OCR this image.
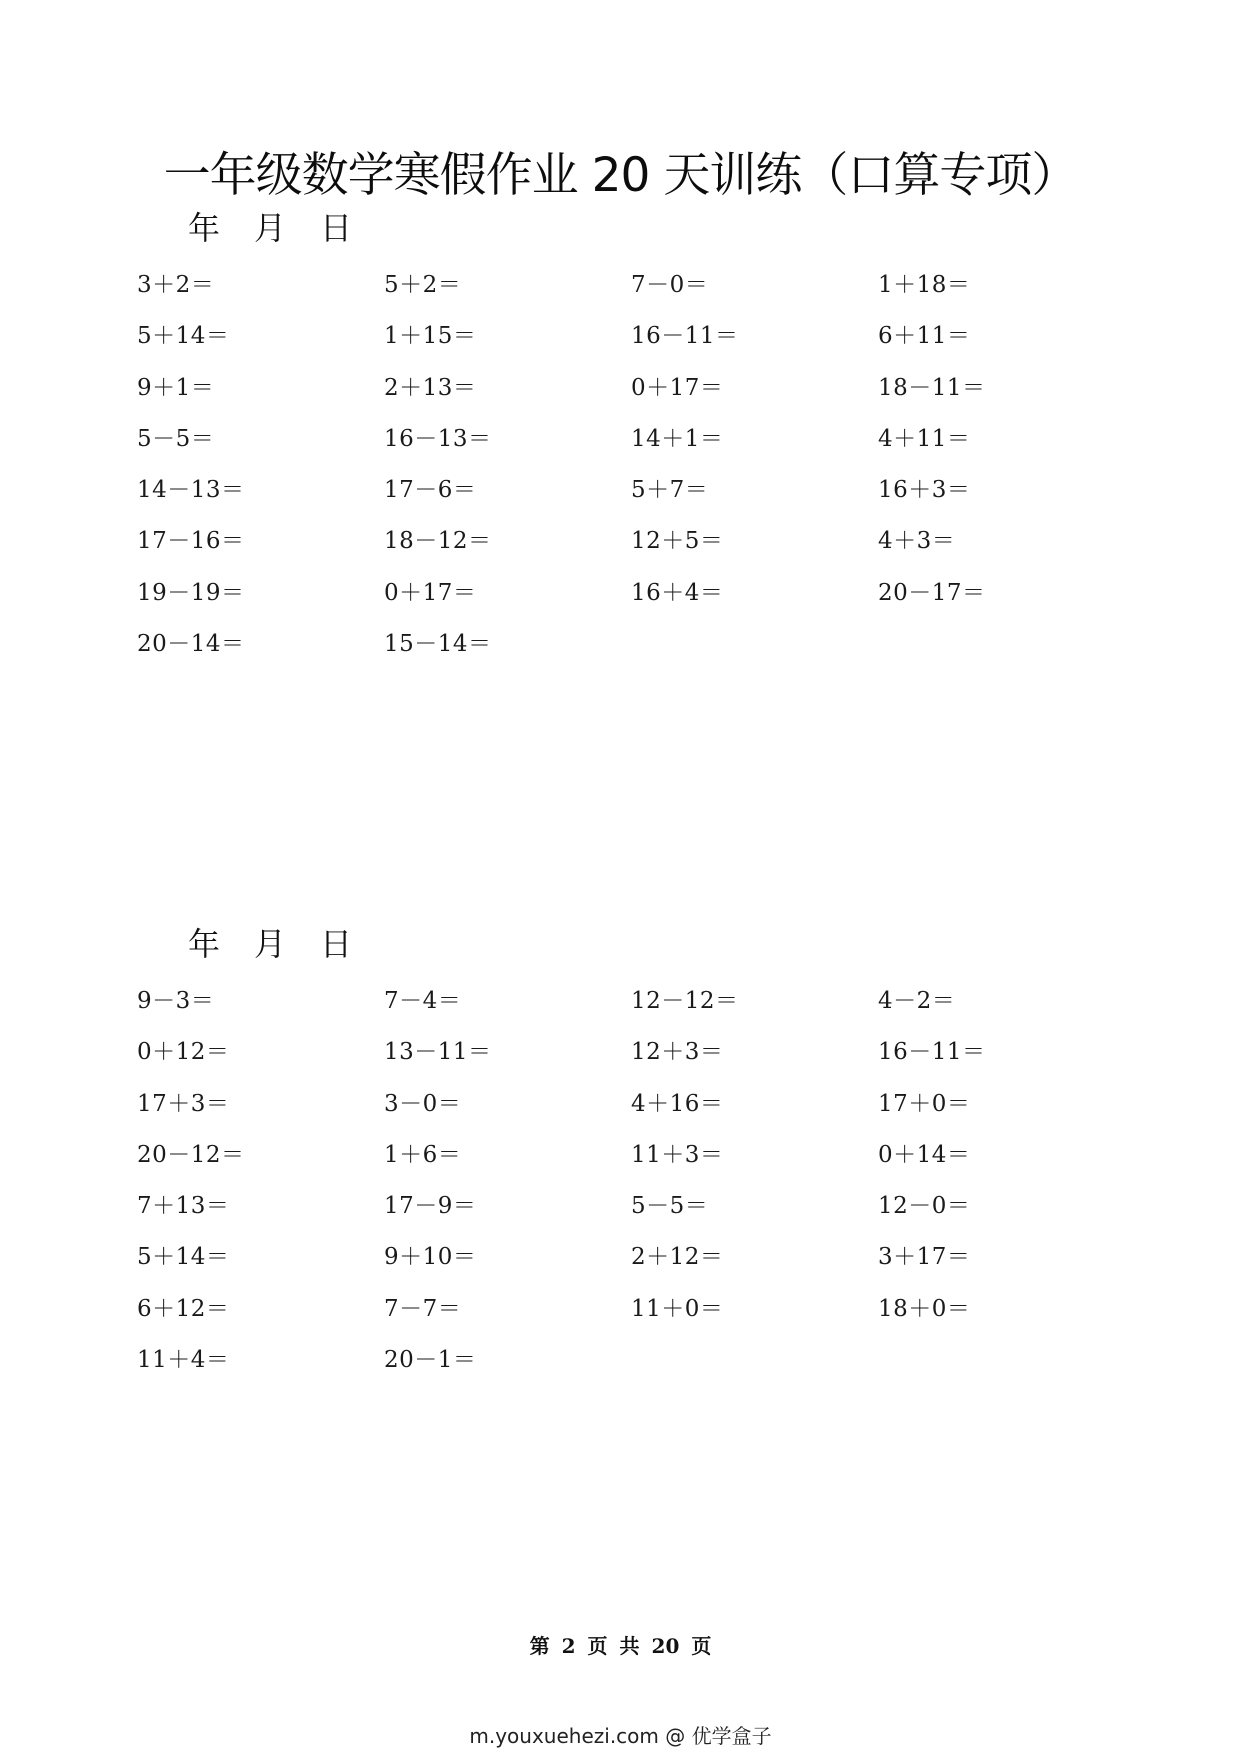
一年级数学寒假作业 20 天训练（口算专项）
年 月 日
3＋2＝	5＋2＝	7－0＝	1＋18＝
5＋14＝	1＋15＝	16－11＝	6＋11＝
9＋1＝	2＋13＝	0＋17＝	18－11＝
5－5＝	16－13＝	14＋1＝	4＋11＝
14－13＝	17－6＝	5＋7＝	16＋3＝
17－16＝	18－12＝	12＋5＝	4＋3＝
19－19＝	0＋17＝	16＋4＝	20－17＝
20－14＝	15－14＝
年 月 日
9－3＝	7－4＝	12－12＝	4－2＝
0＋12＝	13－11＝	12＋3＝	16－11＝
17＋3＝	3－0＝	4＋16＝	17＋0＝
20－12＝	1＋6＝	11＋3＝	0＋14＝
7＋13＝	17－9＝	5－5＝	12－0＝
5＋14＝	9＋10＝	2＋12＝	3＋17＝
6＋12＝	7－7＝	11＋0＝	18＋0＝
11＋4＝	20－1＝
第 2 页 共 20 页
m.youxuehezi.com @ 优学盒子
